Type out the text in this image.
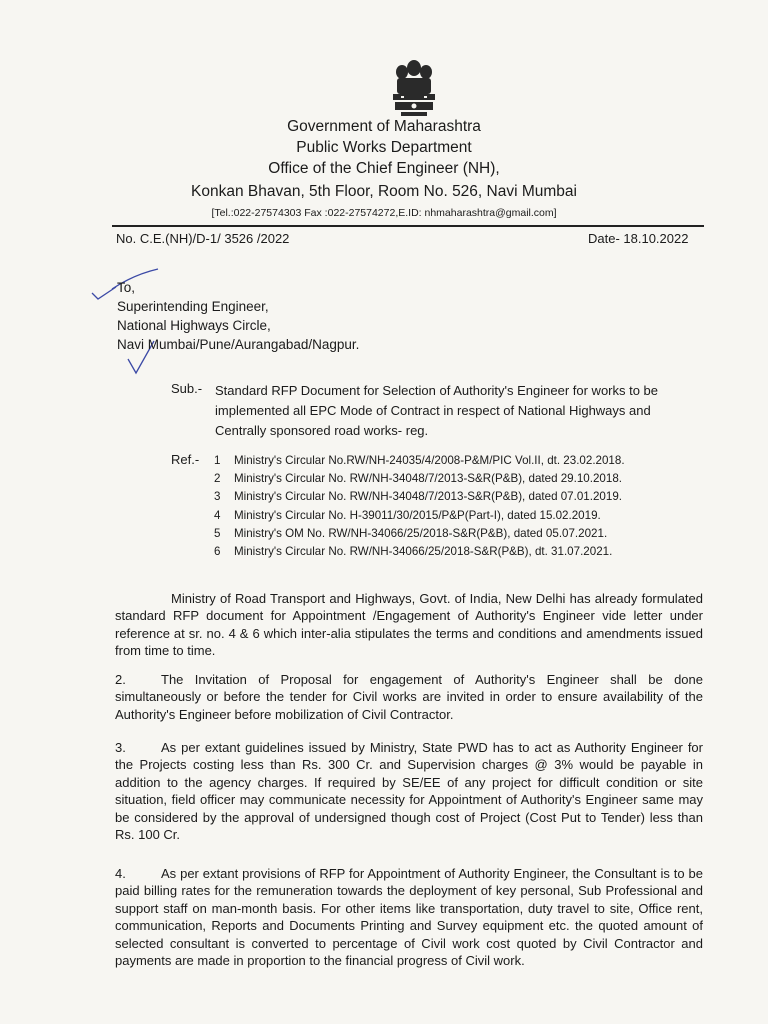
Government of Maharashtra
Public Works Department
Office of the Chief Engineer (NH),
Konkan Bhavan, 5th Floor, Room No. 526, Navi Mumbai
[Tel.:022-27574303 Fax :022-27574272,E.ID: nhmaharashtra@gmail.com]
No. C.E.(NH)/D-1/ 3526 /2022	Date- 18.10.2022
To,
Superintending Engineer,
National Highways Circle,
Navi Mumbai/Pune/Aurangabad/Nagpur.
Sub.- Standard RFP Document for Selection of Authority's Engineer for works to be implemented all EPC Mode of Contract in respect of National Highways and Centrally sponsored road works- reg.
Ref.- 1 Ministry's Circular No.RW/NH-24035/4/2008-P&M/PIC Vol.II, dt. 23.02.2018.
2 Ministry's Circular No. RW/NH-34048/7/2013-S&R(P&B), dated 29.10.2018.
3 Ministry's Circular No. RW/NH-34048/7/2013-S&R(P&B), dated 07.01.2019.
4 Ministry's Circular No. H-39011/30/2015/P&P(Part-I), dated 15.02.2019.
5 Ministry's OM No. RW/NH-34066/25/2018-S&R(P&B), dated 05.07.2021.
6 Ministry's Circular No. RW/NH-34066/25/2018-S&R(P&B), dt. 31.07.2021.
Ministry of Road Transport and Highways, Govt. of India, New Delhi has already formulated standard RFP document for Appointment /Engagement of Authority's Engineer vide letter under reference at sr. no. 4 & 6 which inter-alia stipulates the terms and conditions and amendments issued from time to time.
2.	The Invitation of Proposal for engagement of Authority's Engineer shall be done simultaneously or before the tender for Civil works are invited in order to ensure availability of the Authority's Engineer before mobilization of Civil Contractor.
3.	As per extant guidelines issued by Ministry, State PWD has to act as Authority Engineer for the Projects costing less than Rs. 300 Cr. and Supervision charges @ 3% would be payable in addition to the agency charges. If required by SE/EE of any project for difficult condition or site situation, field officer may communicate necessity for Appointment of Authority's Engineer same may be considered by the approval of undersigned though cost of Project (Cost Put to Tender) less than Rs. 100 Cr.
4.	As per extant provisions of RFP for Appointment of Authority Engineer, the Consultant is to be paid billing rates for the remuneration towards the deployment of key personal, Sub Professional and support staff on man-month basis. For other items like transportation, duty travel to site, Office rent, communication, Reports and Documents Printing and Survey equipment etc. the quoted amount of selected consultant is converted to percentage of Civil work cost quoted by Civil Contractor and payments are made in proportion to the financial progress of Civil work.
